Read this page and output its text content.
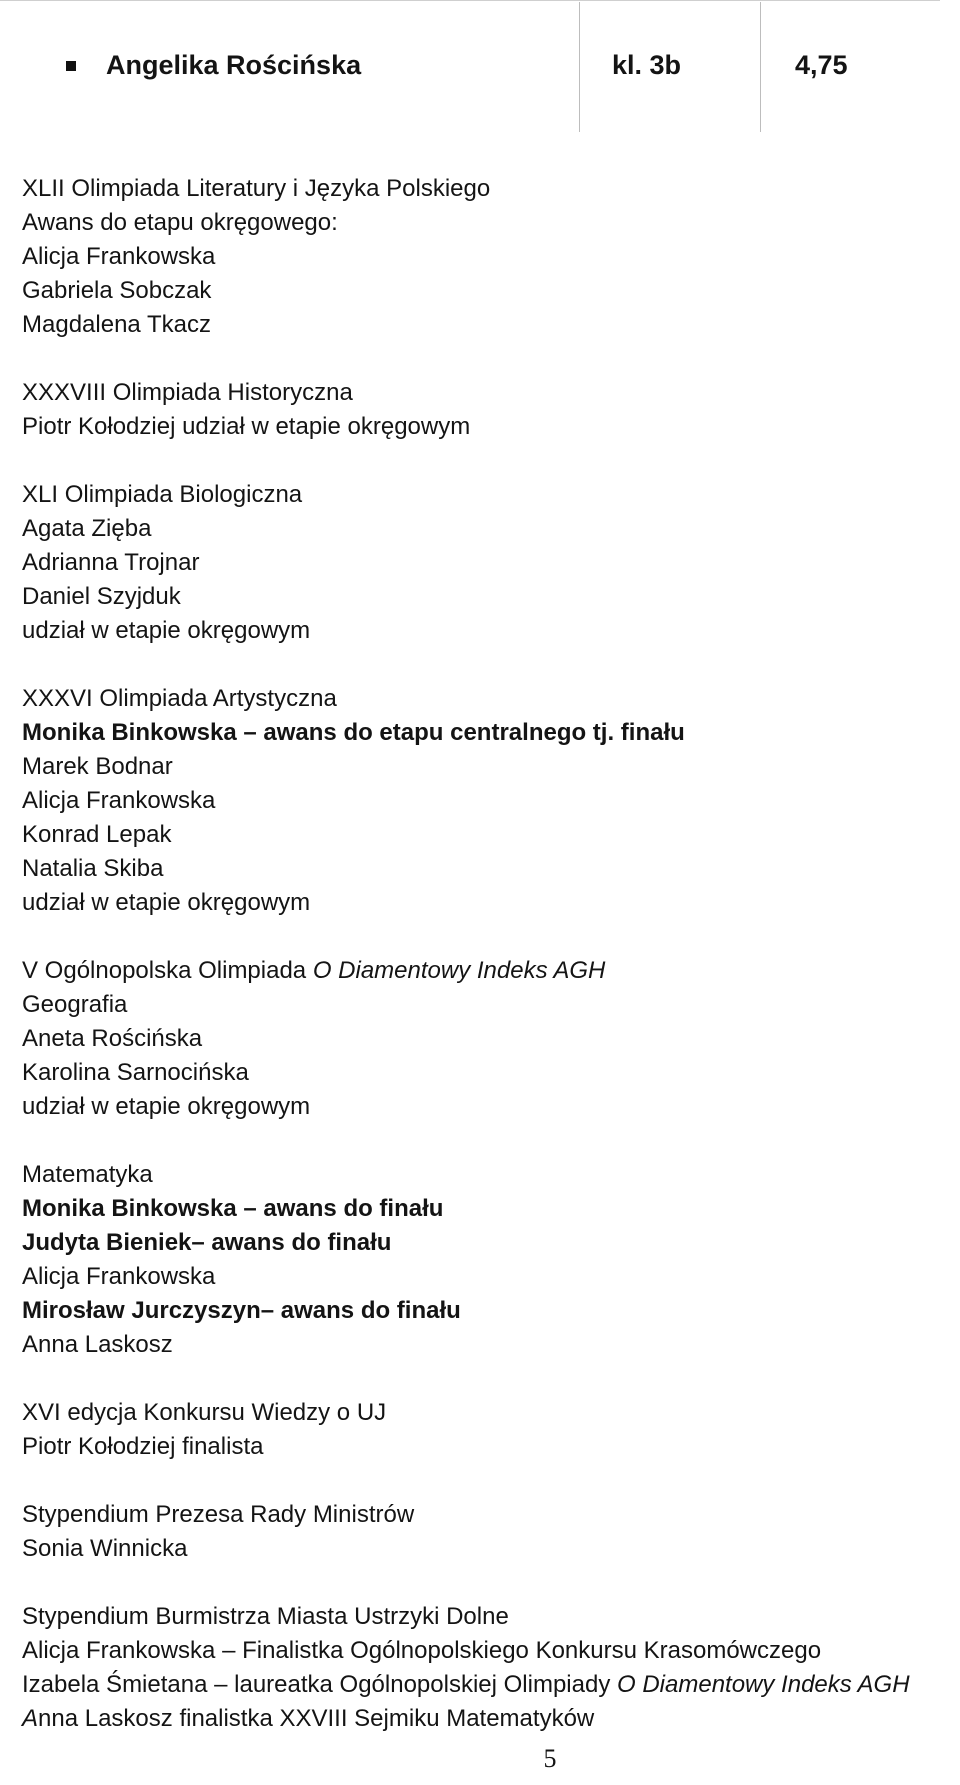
Angelika Rościńska	kl. 3b	4,75
XLII Olimpiada Literatury i Języka Polskiego
Awans do etapu okręgowego:
Alicja Frankowska
Gabriela Sobczak
Magdalena Tkacz
XXXVIII Olimpiada Historyczna
Piotr Kołodziej udział w etapie okręgowym
XLI Olimpiada Biologiczna
Agata Zięba
Adrianna Trojnar
Daniel Szyjduk
udział w etapie okręgowym
XXXVI Olimpiada Artystyczna
Monika Binkowska – awans do etapu centralnego tj. finału
Marek Bodnar
Alicja Frankowska
Konrad Lepak
Natalia Skiba
udział w etapie okręgowym
V Ogólnopolska Olimpiada O Diamentowy Indeks AGH
Geografia
Aneta Rościńska
Karolina Sarnocińska
udział w etapie okręgowym
Matematyka
Monika Binkowska – awans do finału
Judyta Bieniek– awans do finału
Alicja Frankowska
Mirosław Jurczyszyn– awans do finału
Anna Laskosz
XVI edycja Konkursu Wiedzy o UJ
Piotr Kołodziej finalista
Stypendium Prezesa Rady Ministrów
Sonia Winnicka
Stypendium Burmistrza Miasta Ustrzyki Dolne
Alicja Frankowska – Finalistka Ogólnopolskiego Konkursu Krasomówczego
Izabela Śmietana – laureatka Ogólnopolskiej Olimpiady O Diamentowy Indeks AGH
Anna Laskosz finalistka XXVIII Sejmiku Matematyków
5
